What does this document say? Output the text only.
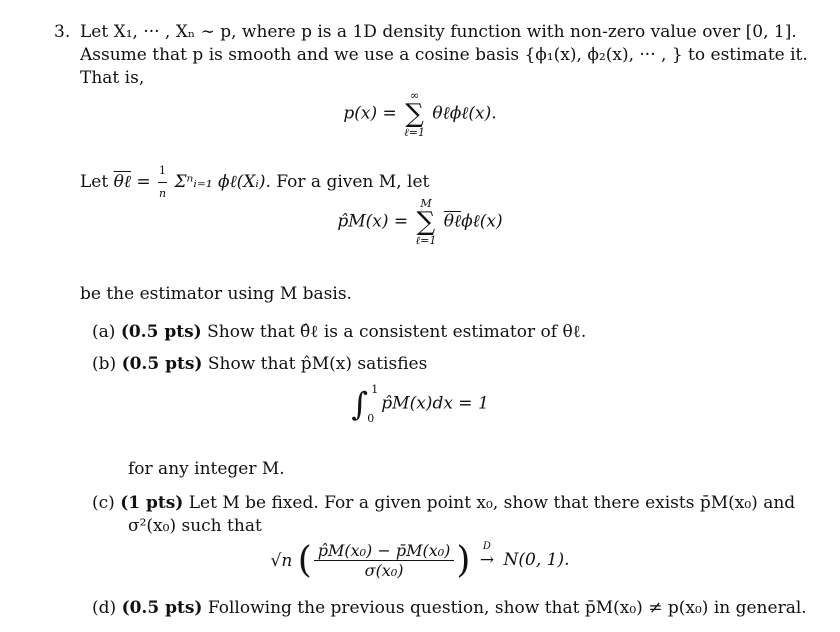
3. Let X₁, ··· , Xₙ ∼ p, where p is a 1D density function with non-zero value over [0, 1].
Assume that p is smooth and we use a cosine basis {ϕ₁(x), ϕ₂(x), ··· , } to estimate it.
That is,
p(x) =
∞
∑
ℓ=1
θℓϕℓ(x).
Let θℓ = $\frac{1}{n}$ Σⁿᵢ₌₁ ϕℓ(Xᵢ). For a given M, let
p̂M(x) =
M
∑
ℓ=1
θℓϕℓ(x)
be the estimator using M basis.
(a) (0.5 pts) Show that θ̂ℓ is a consistent estimator of θℓ.
(b) (0.5 pts) Show that p̂M(x) satisfies
∫ 1
0
p̂M(x)dx = 1
for any integer M.
(c) (1 pts) Let M be fixed. For a given point x₀, show that there exists p̄M(x₀) and
σ²(x₀) such that
√n ( $\frac{\text{p̂M(x₀) − p̄M(x₀)}}{\text{σ(x₀)}}$ ) D
→ N(0, 1).
(d) (0.5 pts) Following the previous question, show that p̄M(x₀) ≠ p(x₀) in general.
